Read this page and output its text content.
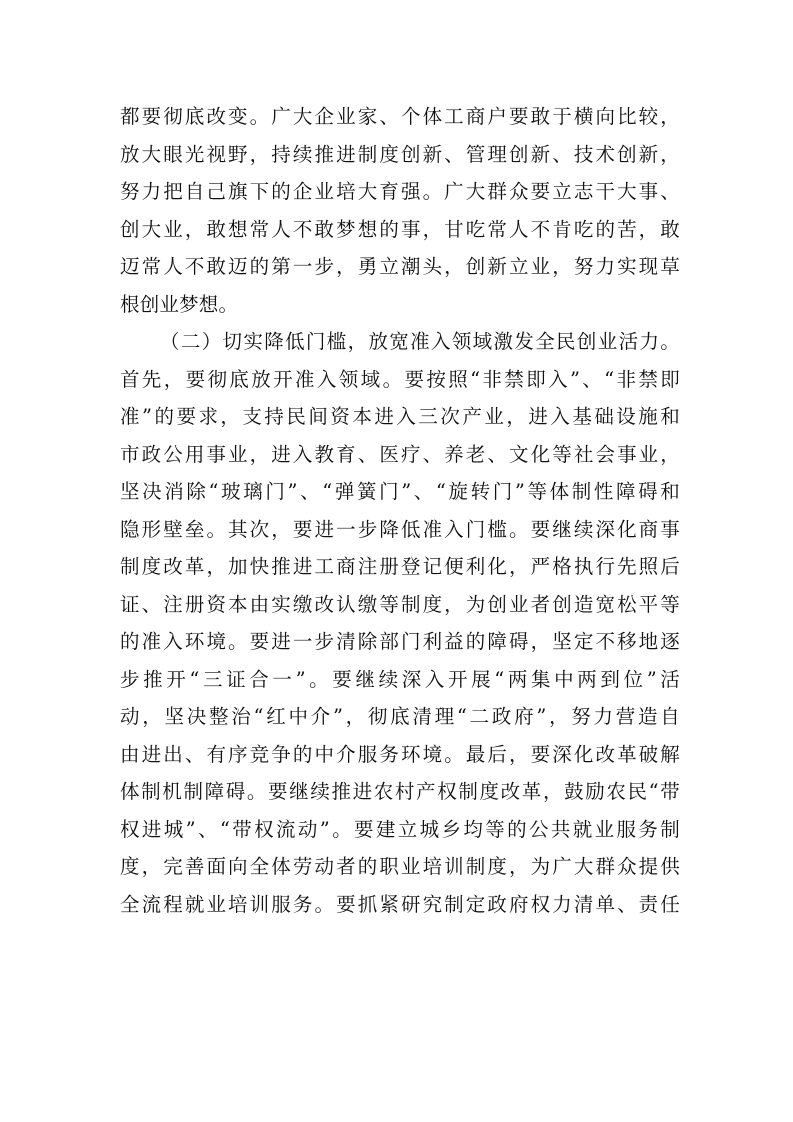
都要彻底改变。广大企业家、个体工商户要敢于横向比较，
放大眼光视野，持续推进制度创新、管理创新、技术创新，
努力把自己旗下的企业培大育强。广大群众要立志干大事、
创大业，敢想常人不敢梦想的事，甘吃常人不肯吃的苦，敢
迈常人不敢迈的第一步，勇立潮头，创新立业，努力实现草
根创业梦想。
（二）切实降低门槛，放宽准入领域激发全民创业活力。
首先，要彻底放开准入领域。要按照“非禁即入”、“非禁即
准”的要求，支持民间资本进入三次产业，进入基础设施和
市政公用事业，进入教育、医疗、养老、文化等社会事业，
坚决消除“玻璃门”、“弹簧门”、“旋转门”等体制性障碍和
隐形壁垒。其次，要进一步降低准入门槛。要继续深化商事
制度改革，加快推进工商注册登记便利化，严格执行先照后
证、注册资本由实缴改认缴等制度，为创业者创造宽松平等
的准入环境。要进一步清除部门利益的障碍，坚定不移地逐
步推开“三证合一”。要继续深入开展“两集中两到位”活
动，坚决整治“红中介”，彻底清理“二政府”，努力营造自
由进出、有序竞争的中介服务环境。最后，要深化改革破解
体制机制障碍。要继续推进农村产权制度改革，鼓励农民“带
权进城”、“带权流动”。要建立城乡均等的公共就业服务制
度，完善面向全体劳动者的职业培训制度，为广大群众提供
全流程就业培训服务。要抓紧研究制定政府权力清单、责任
